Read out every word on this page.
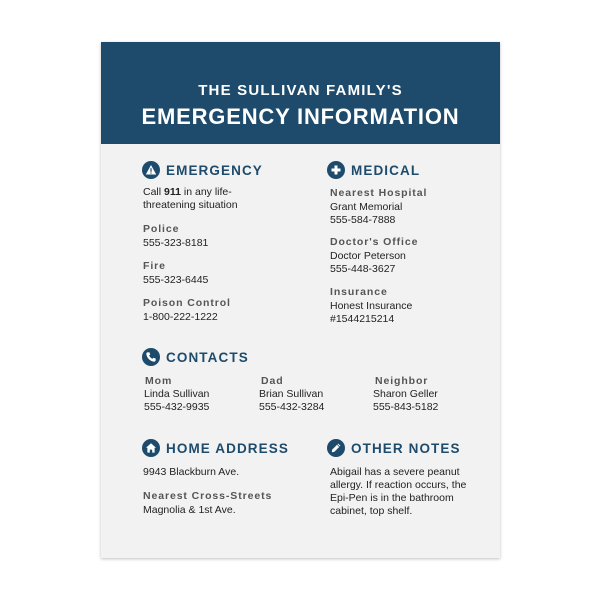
THE SULLIVAN FAMILY'S
EMERGENCY INFORMATION
EMERGENCY
Call 911 in any life-
threatening situation
Police
555-323-8181
Fire
555-323-6445
Poison Control
1-800-222-1222
MEDICAL
Nearest Hospital
Grant Memorial
555-584-7888
Doctor's Office
Doctor Peterson
555-448-3627
Insurance
Honest Insurance
#1544215214
CONTACTS
Mom
Linda Sullivan
555-432-9935
Dad
Brian Sullivan
555-432-3284
Neighbor
Sharon Geller
555-843-5182
HOME ADDRESS
9943 Blackburn Ave.
Nearest Cross-Streets
Magnolia & 1st Ave.
OTHER NOTES
Abigail has a severe peanut
allergy. If reaction occurs, the
Epi-Pen is in the bathroom
cabinet, top shelf.
